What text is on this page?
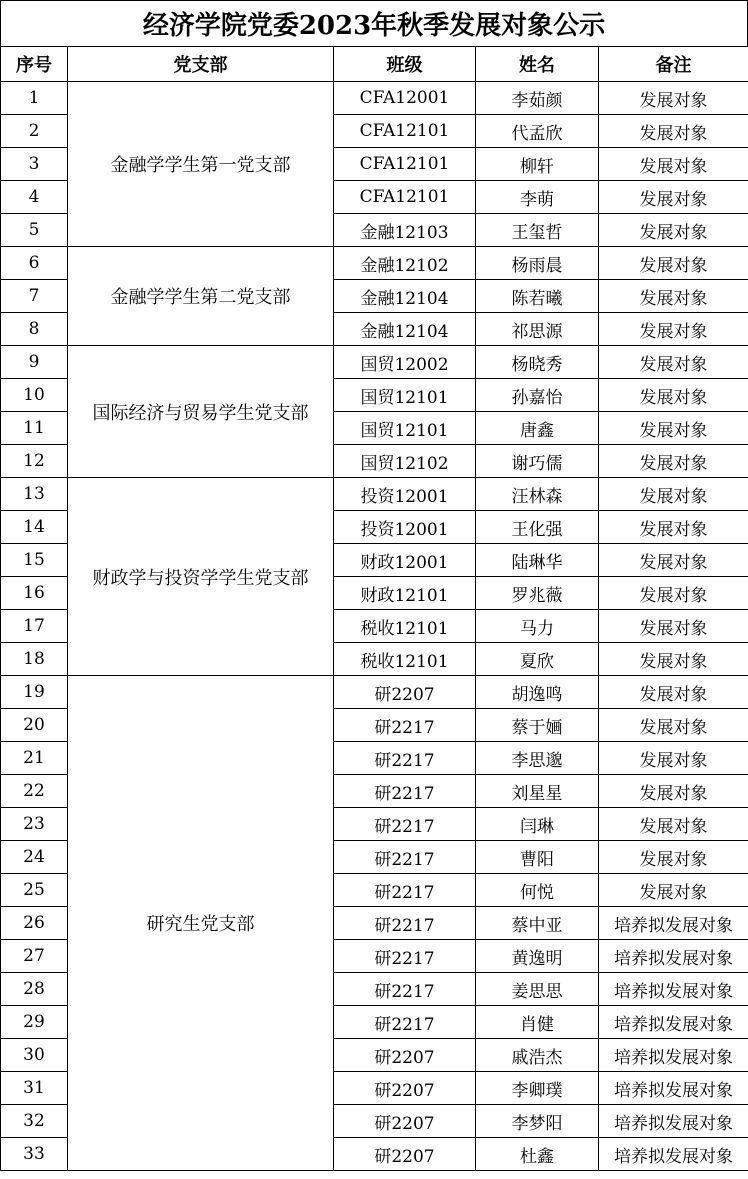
经济学院党委2023年秋季发展对象公示
序号	党支部	班级	姓名	备注
1	金融学学生第一党支部	CFA12001	李茹颜	发展对象
2		CFA12101	代孟欣	发展对象
3		CFA12101	柳轩	发展对象
4		CFA12101	李萌	发展对象
5		金融12103	王玺哲	发展对象
6	金融学学生第二党支部	金融12102	杨雨晨	发展对象
7		金融12104	陈若曦	发展对象
8		金融12104	祁思源	发展对象
9	国际经济与贸易学生党支部	国贸12002	杨晓秀	发展对象
10		国贸12101	孙嘉怡	发展对象
11		国贸12101	唐鑫	发展对象
12		国贸12102	谢巧儒	发展对象
13	财政学与投资学学生党支部	投资12001	汪林森	发展对象
14		投资12001	王化强	发展对象
15		财政12001	陆琳华	发展对象
16		财政12101	罗兆薇	发展对象
17		税收12101	马力	发展对象
18		税收12101	夏欣	发展对象
19	研究生党支部	研2207	胡逸鸣	发展对象
20		研2217	蔡于婳	发展对象
21		研2217	李思邈	发展对象
22		研2217	刘星星	发展对象
23		研2217	闫琳	发展对象
24		研2217	曹阳	发展对象
25		研2217	何悦	发展对象
26		研2217	蔡中亚	培养拟发展对象
27		研2217	黄逸明	培养拟发展对象
28		研2217	姜思思	培养拟发展对象
29		研2217	肖健	培养拟发展对象
30		研2207	戚浩杰	培养拟发展对象
31		研2207	李卿璞	培养拟发展对象
32		研2207	李梦阳	培养拟发展对象
33		研2207	杜鑫	培养拟发展对象
